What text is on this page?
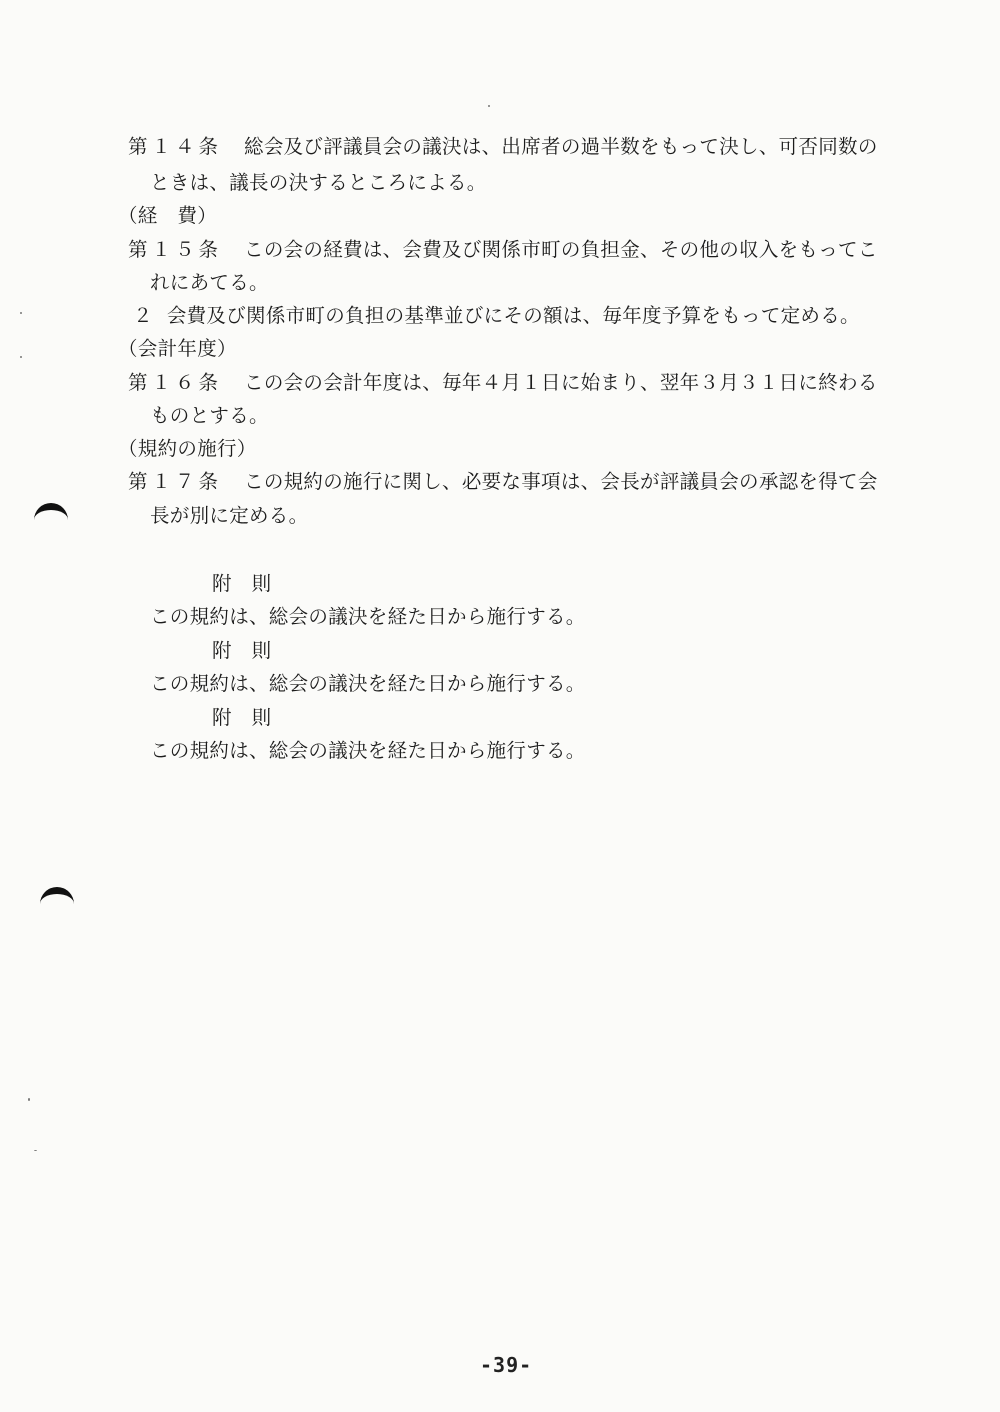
第１４条 総会及び評議員会の議決は、出席者の過半数をもって決し、可否同数の
ときは、議長の決するところによる。
（経　費）
第１５条 この会の経費は、会費及び関係市町の負担金、その他の収入をもってこ
れにあてる。
２ 会費及び関係市町の負担の基準並びにその額は、毎年度予算をもって定める。
（会計年度）
第１６条 この会の会計年度は、毎年４月１日に始まり、翌年３月３１日に終わる
ものとする。
（規約の施行）
第１７条 この規約の施行に関し、必要な事項は、会長が評議員会の承認を得て会
長が別に定める。
附　則
この規約は、総会の議決を経た日から施行する。
附　則
この規約は、総会の議決を経た日から施行する。
附　則
この規約は、総会の議決を経た日から施行する。
-39-
